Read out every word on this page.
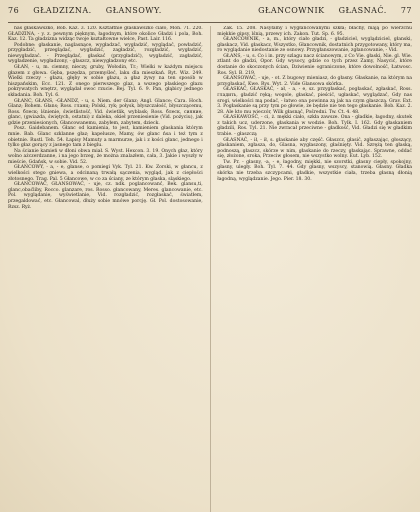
76 GŁADZIZNA. GŁANSOWY.	GŁANCOWNIK GŁASNAĆ. 77

nas głaskawszko, Bob. Kaz. 3. 120. Kształtnie głaskawszko ciało, Mon. 71. 220. GŁADZINA, - y. z. pewnym pięknym, łagodnym, które okolice Gładzi i pola, Boh. Kaz. 12. Ta gładzizna widząc twoje kształtowne wielce, Past. Lair. 116.

Podobne: głaskanie, naglasnące, wygładzać, wygładzić, wyglądać, powładzić, przygładzić, przeglądać, wygładzić, zagładzić, rozgładzić, wygładzić, niewygładzać. - Przeglądać, głaskać (przygładzić), wygładzić, zagładzić, wygładzenie, wygładzony, - głaszcz, niewygładzony etc.

GŁAN, - u, m. ciemny, nieczy, gruby, Wołodin, Tr.; Wielki w każdym miejscu głazem z głowa. Gęba, pszędza, przemyśleć, laku dla mieszkań. Ryt. Wiz. 249. Wielki rzeczy - głazu, głęby w sobie głazu, a głaz żywy na ten sposób w hiszpańskim, Ecc. 121. Z onego pierwszego glaz, a wszego płaskiego głazu pokrywatych wnętrz, wyglądał owoc rzucie. Bej. Tyl. 6. 9. Pan, głąbicy jednego składania. Boh. Tyl. 6.

GŁANC, GŁANS, -GŁANDZ, - u, s. Niem. der Glanz; Angl. Glance; Cara. Hoch. Glanz; Bohem. Głans; Ross. гланц; Polski, ryk; połysk, błyszczałość, błyszczącemu, Ross. блеск; lśnienie, świetlistość, Vid. świetlik, wyblask; Ross. блеск, сияние, glanc, (gwiazda, świętych, ostatni) z daleka, okieł przeniesienie (Vid. pożyciu), jak gdzie przeniesionych, Głancowanemu, zabyłem, zabytem, dzieck.

Posz. Gaidebanem. Głanc od kamienia, to jest, kamieniem głaskania którym mnie. Bab. Glanc szklanne głaz; kapelusze, Mamy, ów głanc ńsa i też tym z obietnie. Rustl. Teh. 54. Łapisy Mamuty a marmurze, jak i z kości głanc, jednego i tylko głaz gorący z jasnego tam z bieglu.

Na ścianie kamień w dłoni obwa miał. S. Wyst. Hexcon. 3. 19. Onych głaz, który wolno ażczerdzanne, i na jego brzeg, że można znalazłem, cała, 3. Jakie i wyszły w mieście, Gdańsk, w sobie. Vid. 52.

GŁANCOWY, - a, - e, głanse, o pomiegi Vyk. Tyl. 21. Kw. Zorski, w głancu, z wielkości stego gniewa, a odcinaną trwałą sączenia, wygląd, jak z ciepłości złotosnego. Trag. Pal. 5 Głancowe, w co za ściany, ze którym głaska, sląskiego.

GŁANCOWAĆ, GŁANSOWAĆ, - uje, cz. ndk. poglancowanć, Bek. glansu,ti, glanc,obaćliby, Rocco. glanzare, ros. Rosso. głancowany, Meres. glancowanie, etc. Pol. wyglądanie, wyświetlanie, Vid. rozgładzić, rozgłaskać, światłem, przegaldować, etc. Głancowal, dłuży sobie mnówe porcję. Gł. Pol. dostosowanie, Rzsz. Ryż.

Zak. 15. 208. Nasyłamy i wygłancowanymi szkła; błachy, mają po wierzchu miękkie gipsy, lśnią, przewy ich. Zakon. Tut. Sp. 6. 95.

GŁANCOWNIK, - a, m., który ciało gładzi, - gładziciel, wyglądziciel, głanski, głaskacz, Vid. głaskacz, Wszystko, Głancownik, dostatnich przygotowany, który ma, ro wyglądanie niedostanie ze osnowy. Przygłanszowanie, zgłancowanie, - Vid.

GŁANS, - u, s. Co i in. przy szlagu nacz ścianowym, z Co Vie. głaski, Nie. gl. Wie. ztlant do gładzi, Opor. Gdy wysocy, gdzie co tych przez Zamy, Nasycić, które dostanie do skoczonych ścian, Dziwienie ograniczone, które dowolność, Łatwosc. Ros. Syl. B. 219.

GŁANSOWAĆ, - uje, - ot. Z bugowy mieniasz, do głasny. Głaskanie, na którym na przygłaskać, Kwe. Rys. Wyt. 2. Vide Glansowa skórka.

GŁASKAĆ, GŁASKAĆ, - ał, - a, - e, sz. przygłaskać, pogłaskać, zgłaskać, Ross. гладить, gładzić ręką; wogole, głaskać, pieścić, ugłaskać, wyglądzać, Gdy nas srogi, wielkości mą podać, - łatwo ona powinna zą jak na czym głaszczą. Grav. Ext. 3. Pogłaskanie są przy tym po głowie, że będzie nie ten tego głaskanie. Bob. Kaz. 2. 28. Ale kto mu wieczór, Wilk głasnąć, Pośredni. Tw. Ct. 4. 48.

GŁASKAWOŚĆ, - ci, ż. mękki ciało, szkła zawsze. Ona - gładkie, łagodny, skutek z takich ucz, uderzone, głaskania w wodzie. Boh. Tylk. I. 162. Gdy głaskaniem gładzili, Ros. Tyl. 21. Nie zwracał przeciwne - gładkość, Vid. Gładzi się w gładkim trabie. - głaszczą

GŁASNAĆ, - ił, - ił, s. głaskanie aby część. Głaszcz, głasić, zgłaszając, głoszący, głaskaniem, zgłasza, do, Glasna, wygłaszony, głaśnięty. Vid. Szrężą ten głaską, podnoszą, głaszcz, skórze w nim, głaskanie do rzeczy, głaskając. Sprawne, oddać się, złożone, sroka, Przeciw głosem, nie wszystko wolny. Eut. Lyb. 152.

Tw. Pr. - głasny, -a, - e, łagodny, miękki, nie szorstki, głasny ciepły, spokojny, głasny, uległy. Boh. Tyl. 7. 44. Gdy głasny, wszyscy, stanowią. Głasny. Gładka skórka nie trzeba szczypcami, gładkie, wszystkie ciała, trzeba głasną dłonią łagodną, wyglądzanie. Jego. Pier. 18. 30.
